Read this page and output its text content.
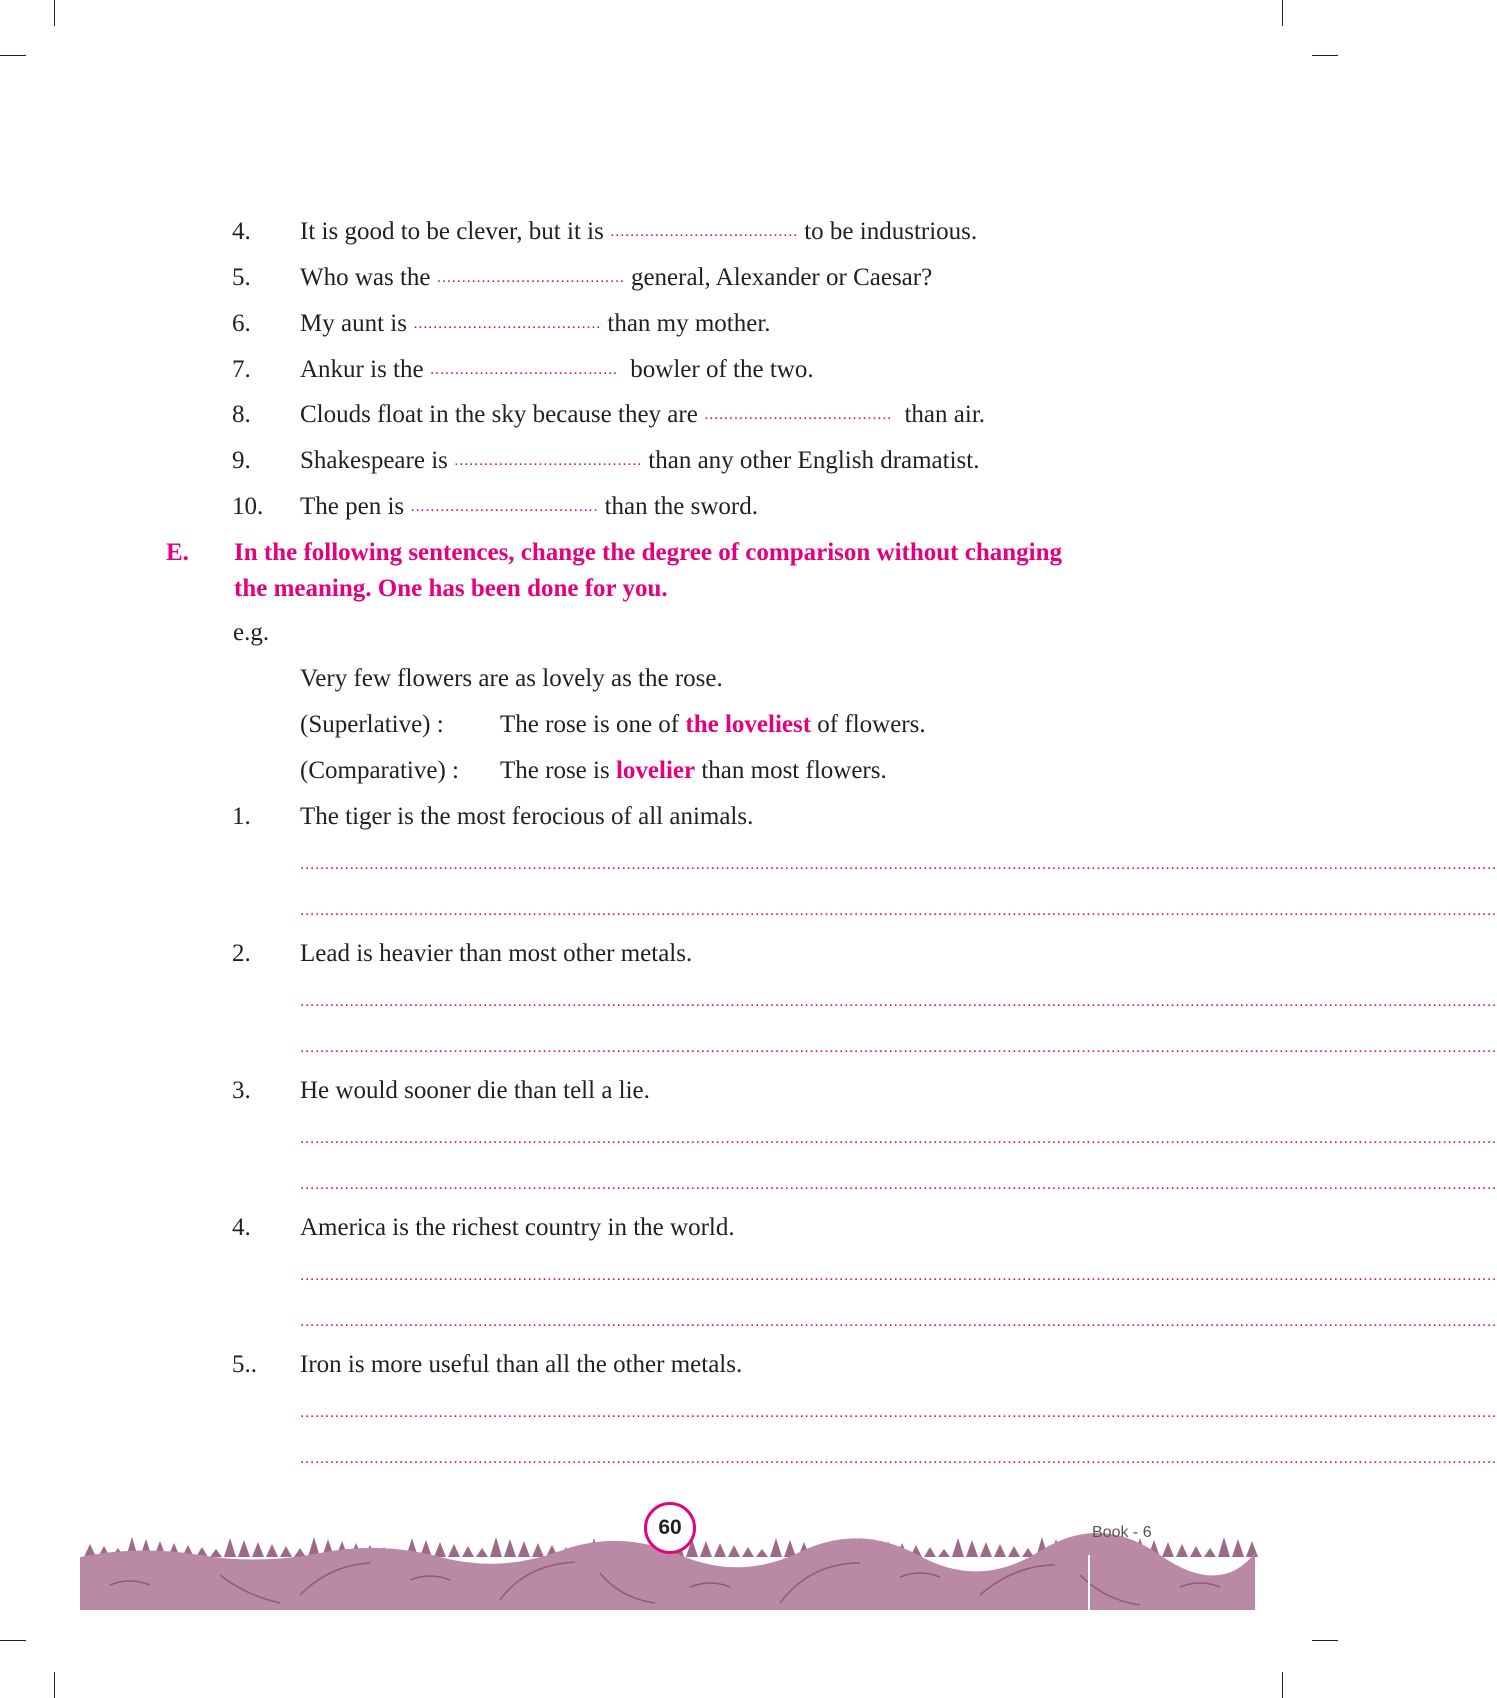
4. It is good to be clever, but it is ...................................... to be industrious.
5. Who was the ...................................... general, Alexander or Caesar?
6. My aunt is ...................................... than my mother.
7. Ankur is the ...................................... bowler of the two.
8. Clouds float in the sky because they are ...................................... than air.
9. Shakespeare is ...................................... than any other English dramatist.
10. The pen is ...................................... than the sword.
E. In the following sentences, change the degree of comparison without changing
the meaning. One has been done for you.
e.g.
Very few flowers are as lovely as the rose.
(Superlative) : The rose is one of the loveliest of flowers.
(Comparative) : The rose is lovelier than most flowers.
1. The tiger is the most ferocious of all animals.
..................................................................................................................................................................................................................................................
..................................................................................................................................................................................................................................................
2. Lead is heavier than most other metals.
..................................................................................................................................................................................................................................................
..................................................................................................................................................................................................................................................
3. He would sooner die than tell a lie.
..................................................................................................................................................................................................................................................
..................................................................................................................................................................................................................................................
4. America is the richest country in the world.
..................................................................................................................................................................................................................................................
..................................................................................................................................................................................................................................................
5.. Iron is more useful than all the other metals.
..................................................................................................................................................................................................................................................
..................................................................................................................................................................................................................................................
60	Book - 6
